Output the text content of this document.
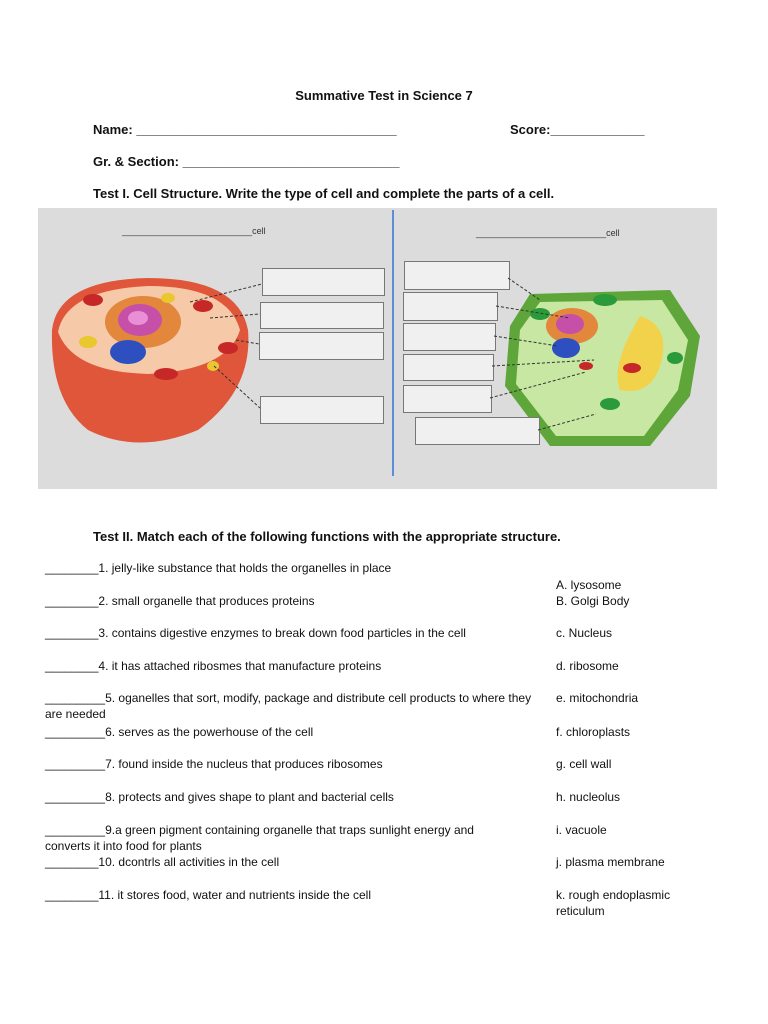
Summative Test in Science 7
Name: ____________________________________	Score:_____________
Gr. & Section: ______________________________
Test I. Cell Structure. Write the type of cell and complete the parts of a cell.
__________________________cell	__________________________cell
Test II. Match each of the following functions with the appropriate structure.
________1. jelly-like substance that holds the organelles in place
________2. small organelle that produces proteins
________3. contains digestive enzymes to break down food particles in the cell
________4. it has attached ribosmes that manufacture proteins
_________5. oganelles that sort, modify, package and distribute cell products to where they are needed
_________6. serves as the powerhouse of the cell
_________7. found inside the nucleus that produces ribosomes
_________8. protects and gives shape to plant and bacterial cells
_________9.a green pigment containing organelle that traps sunlight energy and converts it into food for plants
________10. dcontrls all activities in the cell
________11. it stores food, water and nutrients inside the cell
A. lysosome
B. Golgi Body
c. Nucleus
d. ribosome
e. mitochondria
f. chloroplasts
g. cell wall
h. nucleolus
i. vacuole
j. plasma membrane
k. rough endoplasmic reticulum
